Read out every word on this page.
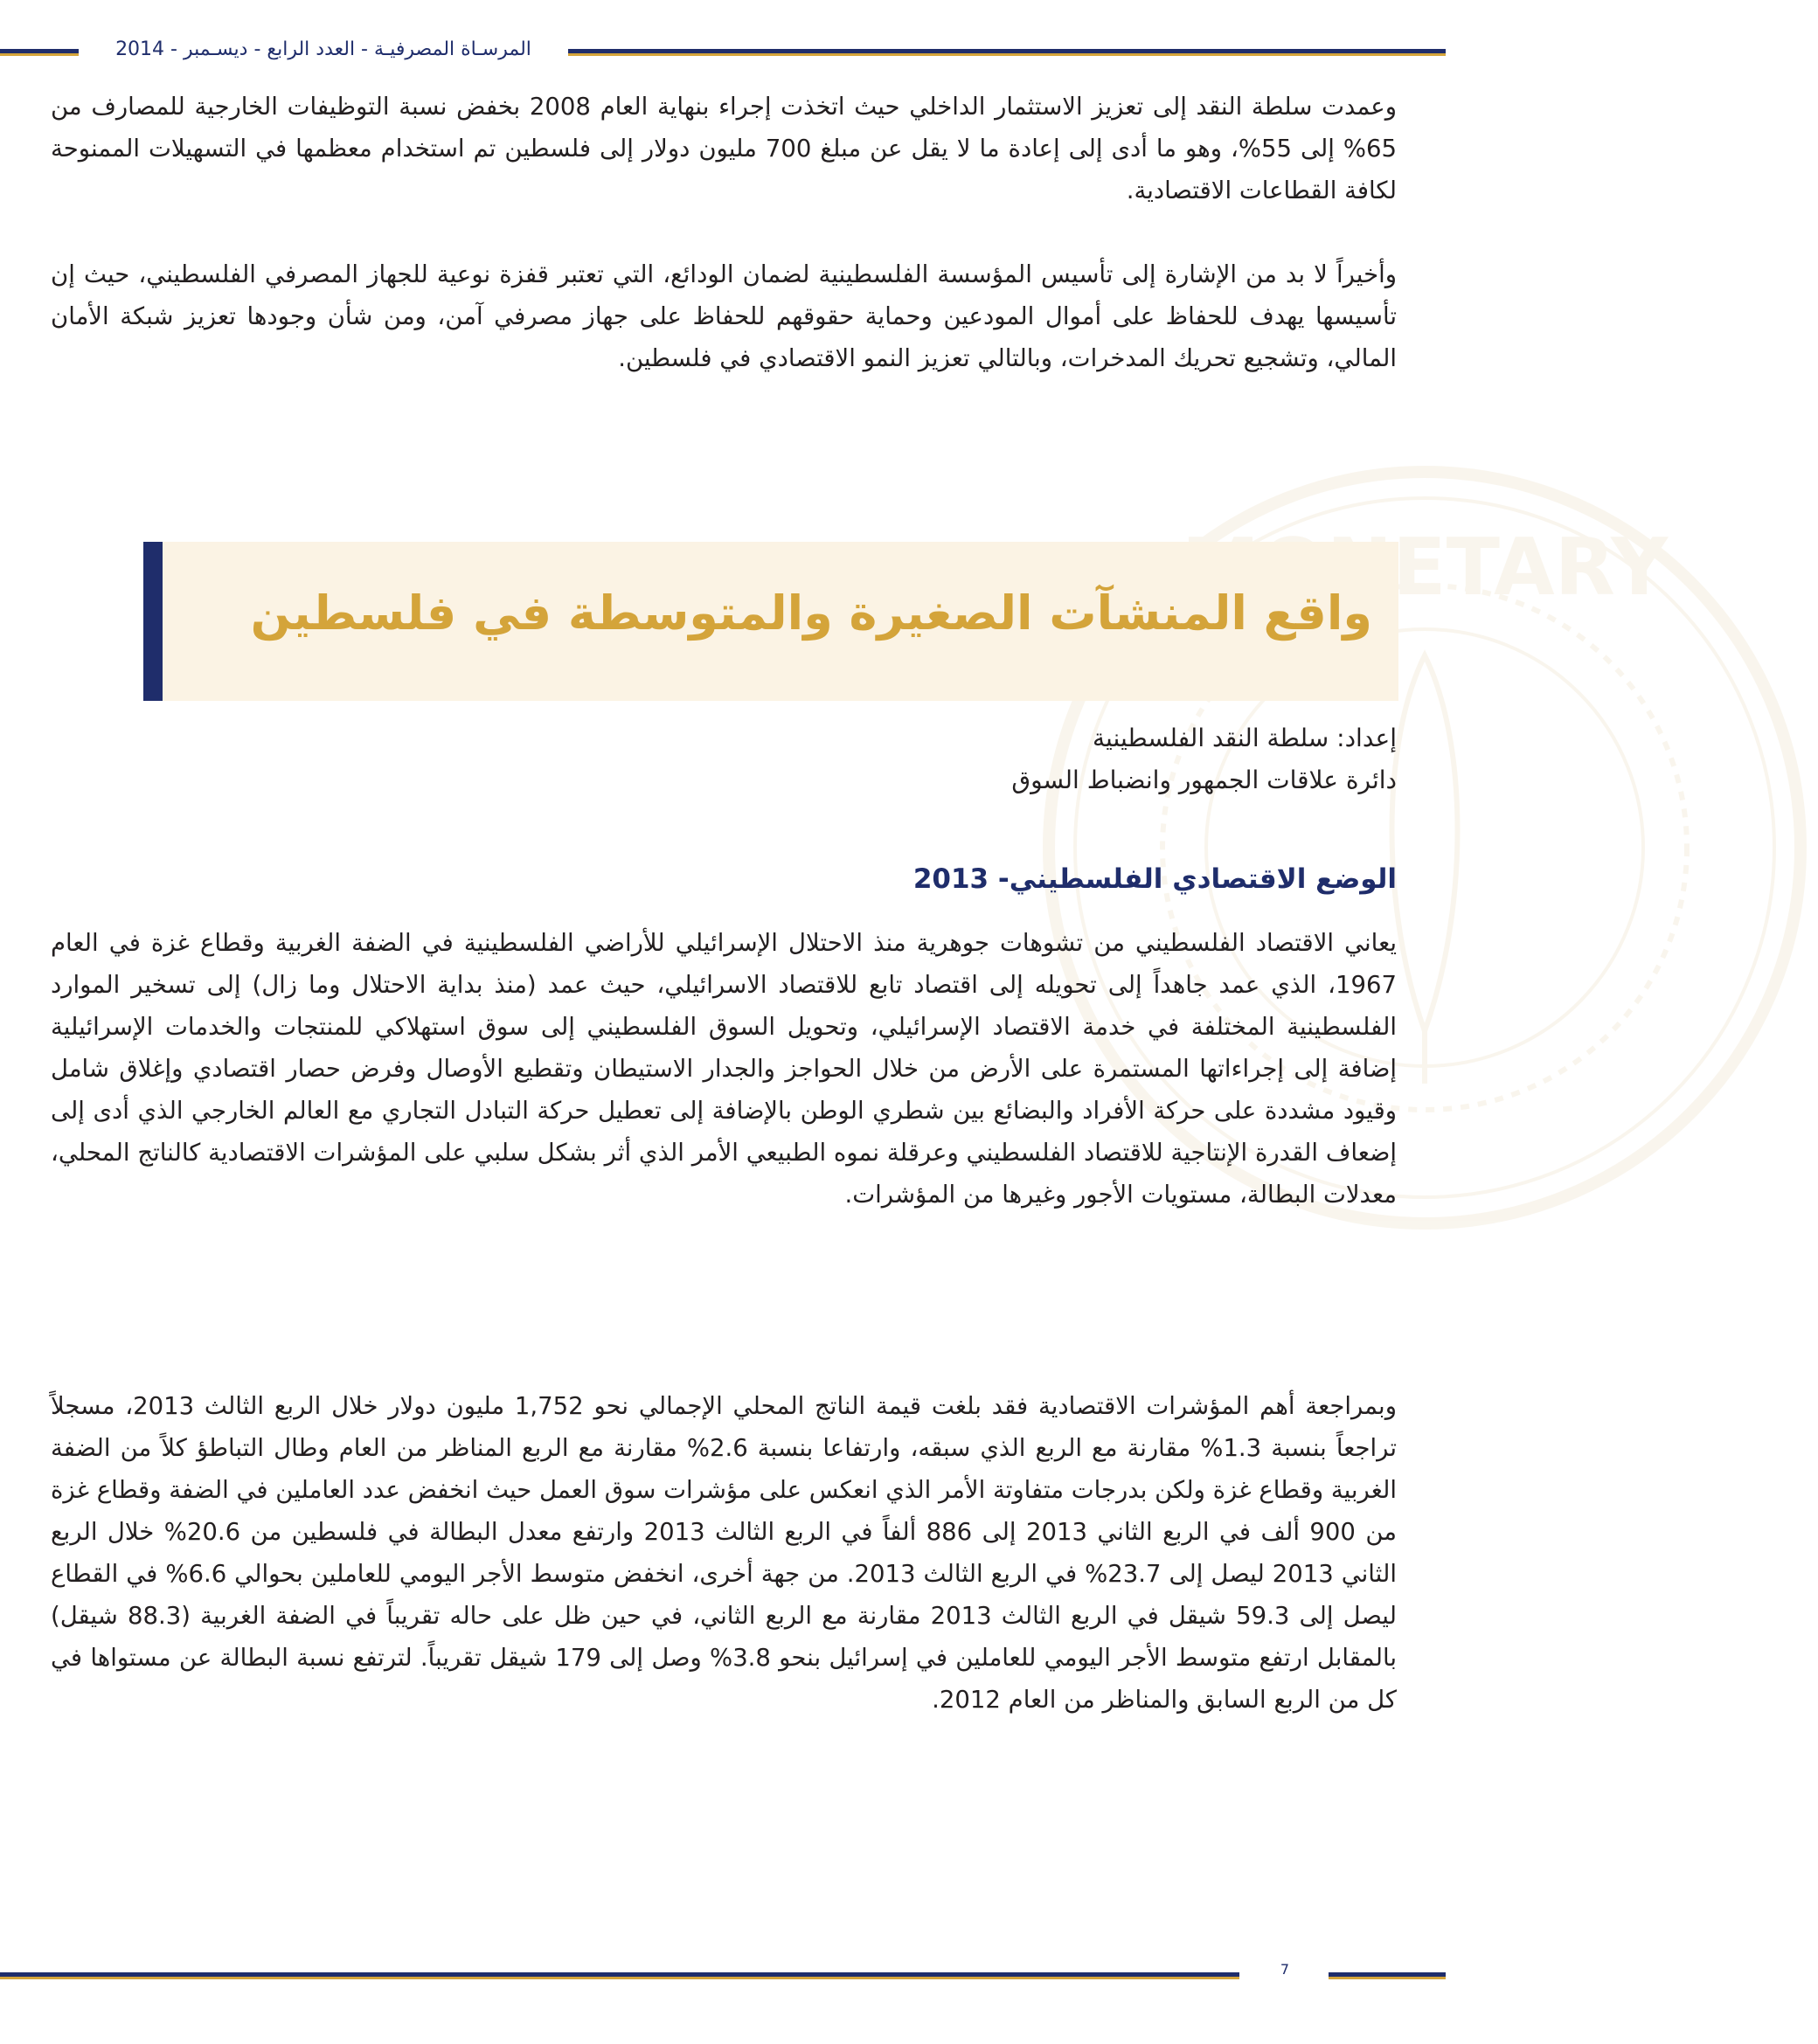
المرسـاة المصرفيـة - العدد الرابع - ديسـمبر - 2014
MONETARY

وعمدت سلطة النقد إلى تعزيز الاستثمار الداخلي حيث اتخذت إجراء بنهاية العام 2008 بخفض نسبة التوظيفات الخارجية للمصارف من 65% إلى 55%، وهو ما أدى إلى إعادة ما لا يقل عن مبلغ 700 مليون دولار إلى فلسطين تم استخدام معظمها في التسهيلات الممنوحة لكافة القطاعات الاقتصادية.

وأخيراً لا بد من الإشارة إلى تأسيس المؤسسة الفلسطينية لضمان الودائع، التي تعتبر قفزة نوعية للجهاز المصرفي الفلسطيني، حيث إن تأسيسها يهدف للحفاظ على أموال المودعين وحماية حقوقهم للحفاظ على جهاز مصرفي آمن، ومن شأن وجودها تعزيز شبكة الأمان المالي، وتشجيع تحريك المدخرات، وبالتالي تعزيز النمو الاقتصادي في فلسطين.

واقع المنشآت الصغيرة والمتوسطة في فلسطين
إعداد: سلطة النقد الفلسطينية
دائرة علاقات الجمهور وانضباط السوق
الوضع الاقتصادي الفلسطيني- 2013

يعاني الاقتصاد الفلسطيني من تشوهات جوهرية منذ الاحتلال الإسرائيلي للأراضي الفلسطينية في الضفة الغربية وقطاع غزة في العام 1967، الذي عمد جاهداً إلى تحويله إلى اقتصاد تابع للاقتصاد الاسرائيلي، حيث عمد (منذ بداية الاحتلال وما زال) إلى تسخير الموارد الفلسطينية المختلفة في خدمة الاقتصاد الإسرائيلي، وتحويل السوق الفلسطيني إلى سوق استهلاكي للمنتجات والخدمات الإسرائيلية إضافة إلى إجراءاتها المستمرة على الأرض من خلال الحواجز والجدار الاستيطان وتقطيع الأوصال وفرض حصار اقتصادي وإغلاق شامل وقيود مشددة على حركة الأفراد والبضائع بين شطري الوطن بالإضافة إلى تعطيل حركة التبادل التجاري مع العالم الخارجي الذي أدى إلى إضعاف القدرة الإنتاجية للاقتصاد الفلسطيني وعرقلة نموه الطبيعي الأمر الذي أثر بشكل سلبي على المؤشرات الاقتصادية كالناتج المحلي، معدلات البطالة، مستويات الأجور وغيرها من المؤشرات.

وبمراجعة أهم المؤشرات الاقتصادية فقد بلغت قيمة الناتج المحلي الإجمالي نحو 1,752 مليون دولار خلال الربع الثالث 2013، مسجلاً تراجعاً بنسبة 1.3% مقارنة مع الربع الذي سبقه، وارتفاعا بنسبة 2.6% مقارنة مع الربع المناظر من العام وطال التباطؤ كلاً من الضفة الغربية وقطاع غزة ولكن بدرجات متفاوتة الأمر الذي انعكس على مؤشرات سوق العمل حيث انخفض عدد العاملين في الضفة وقطاع غزة من 900 ألف في الربع الثاني 2013 إلى 886 ألفاً في الربع الثالث 2013 وارتفع معدل البطالة في فلسطين من 20.6% خلال الربع الثاني 2013 ليصل إلى 23.7% في الربع الثالث 2013. من جهة أخرى، انخفض متوسط الأجر اليومي للعاملين بحوالي 6.6% في القطاع ليصل إلى 59.3 شيقل في الربع الثالث 2013 مقارنة مع الربع الثاني، في حين ظل على حاله تقريباً في الضفة الغربية (88.3 شيقل) بالمقابل ارتفع متوسط الأجر اليومي للعاملين في إسرائيل بنحو 3.8% وصل إلى 179 شيقل تقريباً. لترتفع نسبة البطالة عن مستواها في كل من الربع السابق والمناظر من العام 2012.

7
